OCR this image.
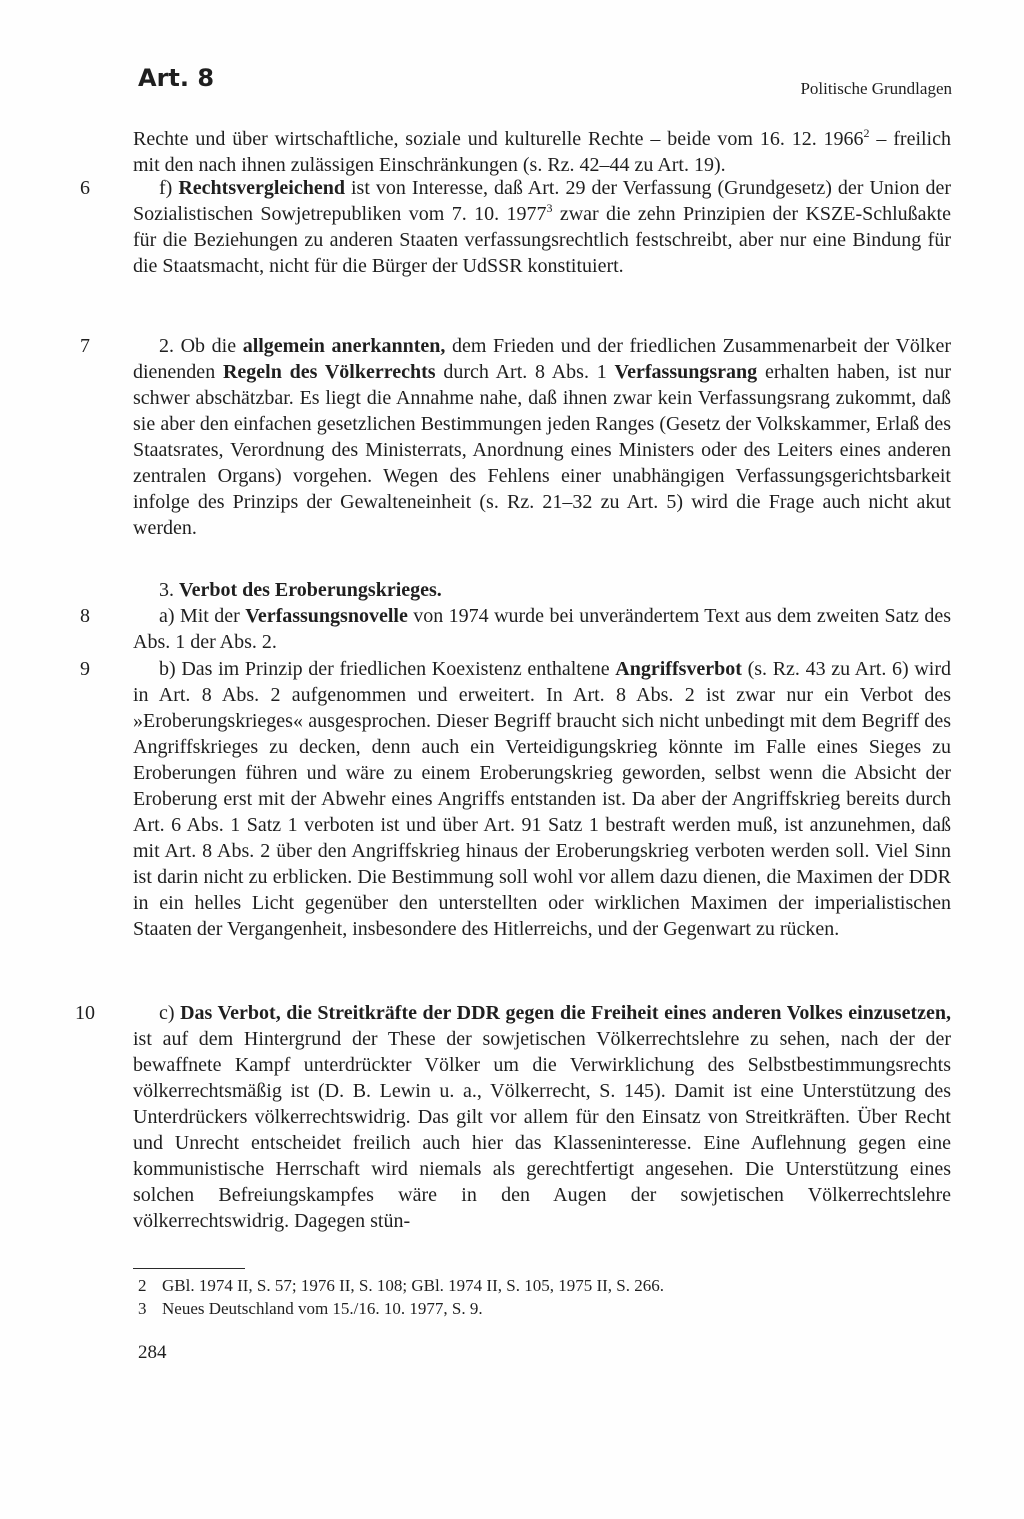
Art. 8	Politische Grundlagen

Rechte und über wirtschaftliche, soziale und kulturelle Rechte – beide vom 16. 12. 1966$^2$ – freilich mit den nach ihnen zulässigen Einschränkungen (s. Rz. 42–44 zu Art. 19).

6	f) Rechtsvergleichend ist von Interesse, daß Art. 29 der Verfassung (Grundgesetz) der Union der Sozialistischen Sowjetrepubliken vom 7. 10. 1977$^3$ zwar die zehn Prinzipien der KSZE-Schlußakte für die Beziehungen zu anderen Staaten verfassungsrechtlich festschreibt, aber nur eine Bindung für die Staatsmacht, nicht für die Bürger der UdSSR konstituiert.

7	2. Ob die allgemein anerkannten, dem Frieden und der friedlichen Zusammenarbeit der Völker dienenden Regeln des Völkerrechts durch Art. 8 Abs. 1 Verfassungsrang erhalten haben, ist nur schwer abschätzbar. Es liegt die Annahme nahe, daß ihnen zwar kein Verfassungsrang zukommt, daß sie aber den einfachen gesetzlichen Bestimmungen jeden Ranges (Gesetz der Volkskammer, Erlaß des Staatsrates, Verordnung des Ministerrats, Anordnung eines Ministers oder des Leiters eines anderen zentralen Organs) vorgehen. Wegen des Fehlens einer unabhängigen Verfassungsgerichtsbarkeit infolge des Prinzips der Gewalteneinheit (s. Rz. 21–32 zu Art. 5) wird die Frage auch nicht akut werden.

3. Verbot des Eroberungskrieges.

8	a) Mit der Verfassungsnovelle von 1974 wurde bei unverändertem Text aus dem zweiten Satz des Abs. 1 der Abs. 2.

9	b) Das im Prinzip der friedlichen Koexistenz enthaltene Angriffsverbot (s. Rz. 43 zu Art. 6) wird in Art. 8 Abs. 2 aufgenommen und erweitert. In Art. 8 Abs. 2 ist zwar nur ein Verbot des »Eroberungskrieges« ausgesprochen. Dieser Begriff braucht sich nicht unbedingt mit dem Begriff des Angriffskrieges zu decken, denn auch ein Verteidigungskrieg könnte im Falle eines Sieges zu Eroberungen führen und wäre zu einem Eroberungskrieg geworden, selbst wenn die Absicht der Eroberung erst mit der Abwehr eines Angriffs entstanden ist. Da aber der Angriffskrieg bereits durch Art. 6 Abs. 1 Satz 1 verboten ist und über Art. 91 Satz 1 bestraft werden muß, ist anzunehmen, daß mit Art. 8 Abs. 2 über den Angriffskrieg hinaus der Eroberungskrieg verboten werden soll. Viel Sinn ist darin nicht zu erblicken. Die Bestimmung soll wohl vor allem dazu dienen, die Maximen der DDR in ein helles Licht gegenüber den unterstellten oder wirklichen Maximen der imperialistischen Staaten der Vergangenheit, insbesondere des Hitlerreichs, und der Gegenwart zu rücken.

10	c) Das Verbot, die Streitkräfte der DDR gegen die Freiheit eines anderen Volkes einzusetzen, ist auf dem Hintergrund der These der sowjetischen Völkerrechtslehre zu sehen, nach der der bewaffnete Kampf unterdrückter Völker um die Verwirklichung des Selbstbestimmungsrechts völkerrechtsmäßig ist (D. B. Lewin u. a., Völkerrecht, S. 145). Damit ist eine Unterstützung des Unterdrückers völkerrechtswidrig. Das gilt vor allem für den Einsatz von Streitkräften. Über Recht und Unrecht entscheidet freilich auch hier das Klasseninteresse. Eine Auflehnung gegen eine kommunistische Herrschaft wird niemals als gerechtfertigt angesehen. Die Unterstützung eines solchen Befreiungskampfes wäre in den Augen der sowjetischen Völkerrechtslehre völkerrechtswidrig. Dagegen stün-

2 GBl. 1974 II, S. 57; 1976 II, S. 108; GBl. 1974 II, S. 105, 1975 II, S. 266.
3 Neues Deutschland vom 15./16. 10. 1977, S. 9.
284
